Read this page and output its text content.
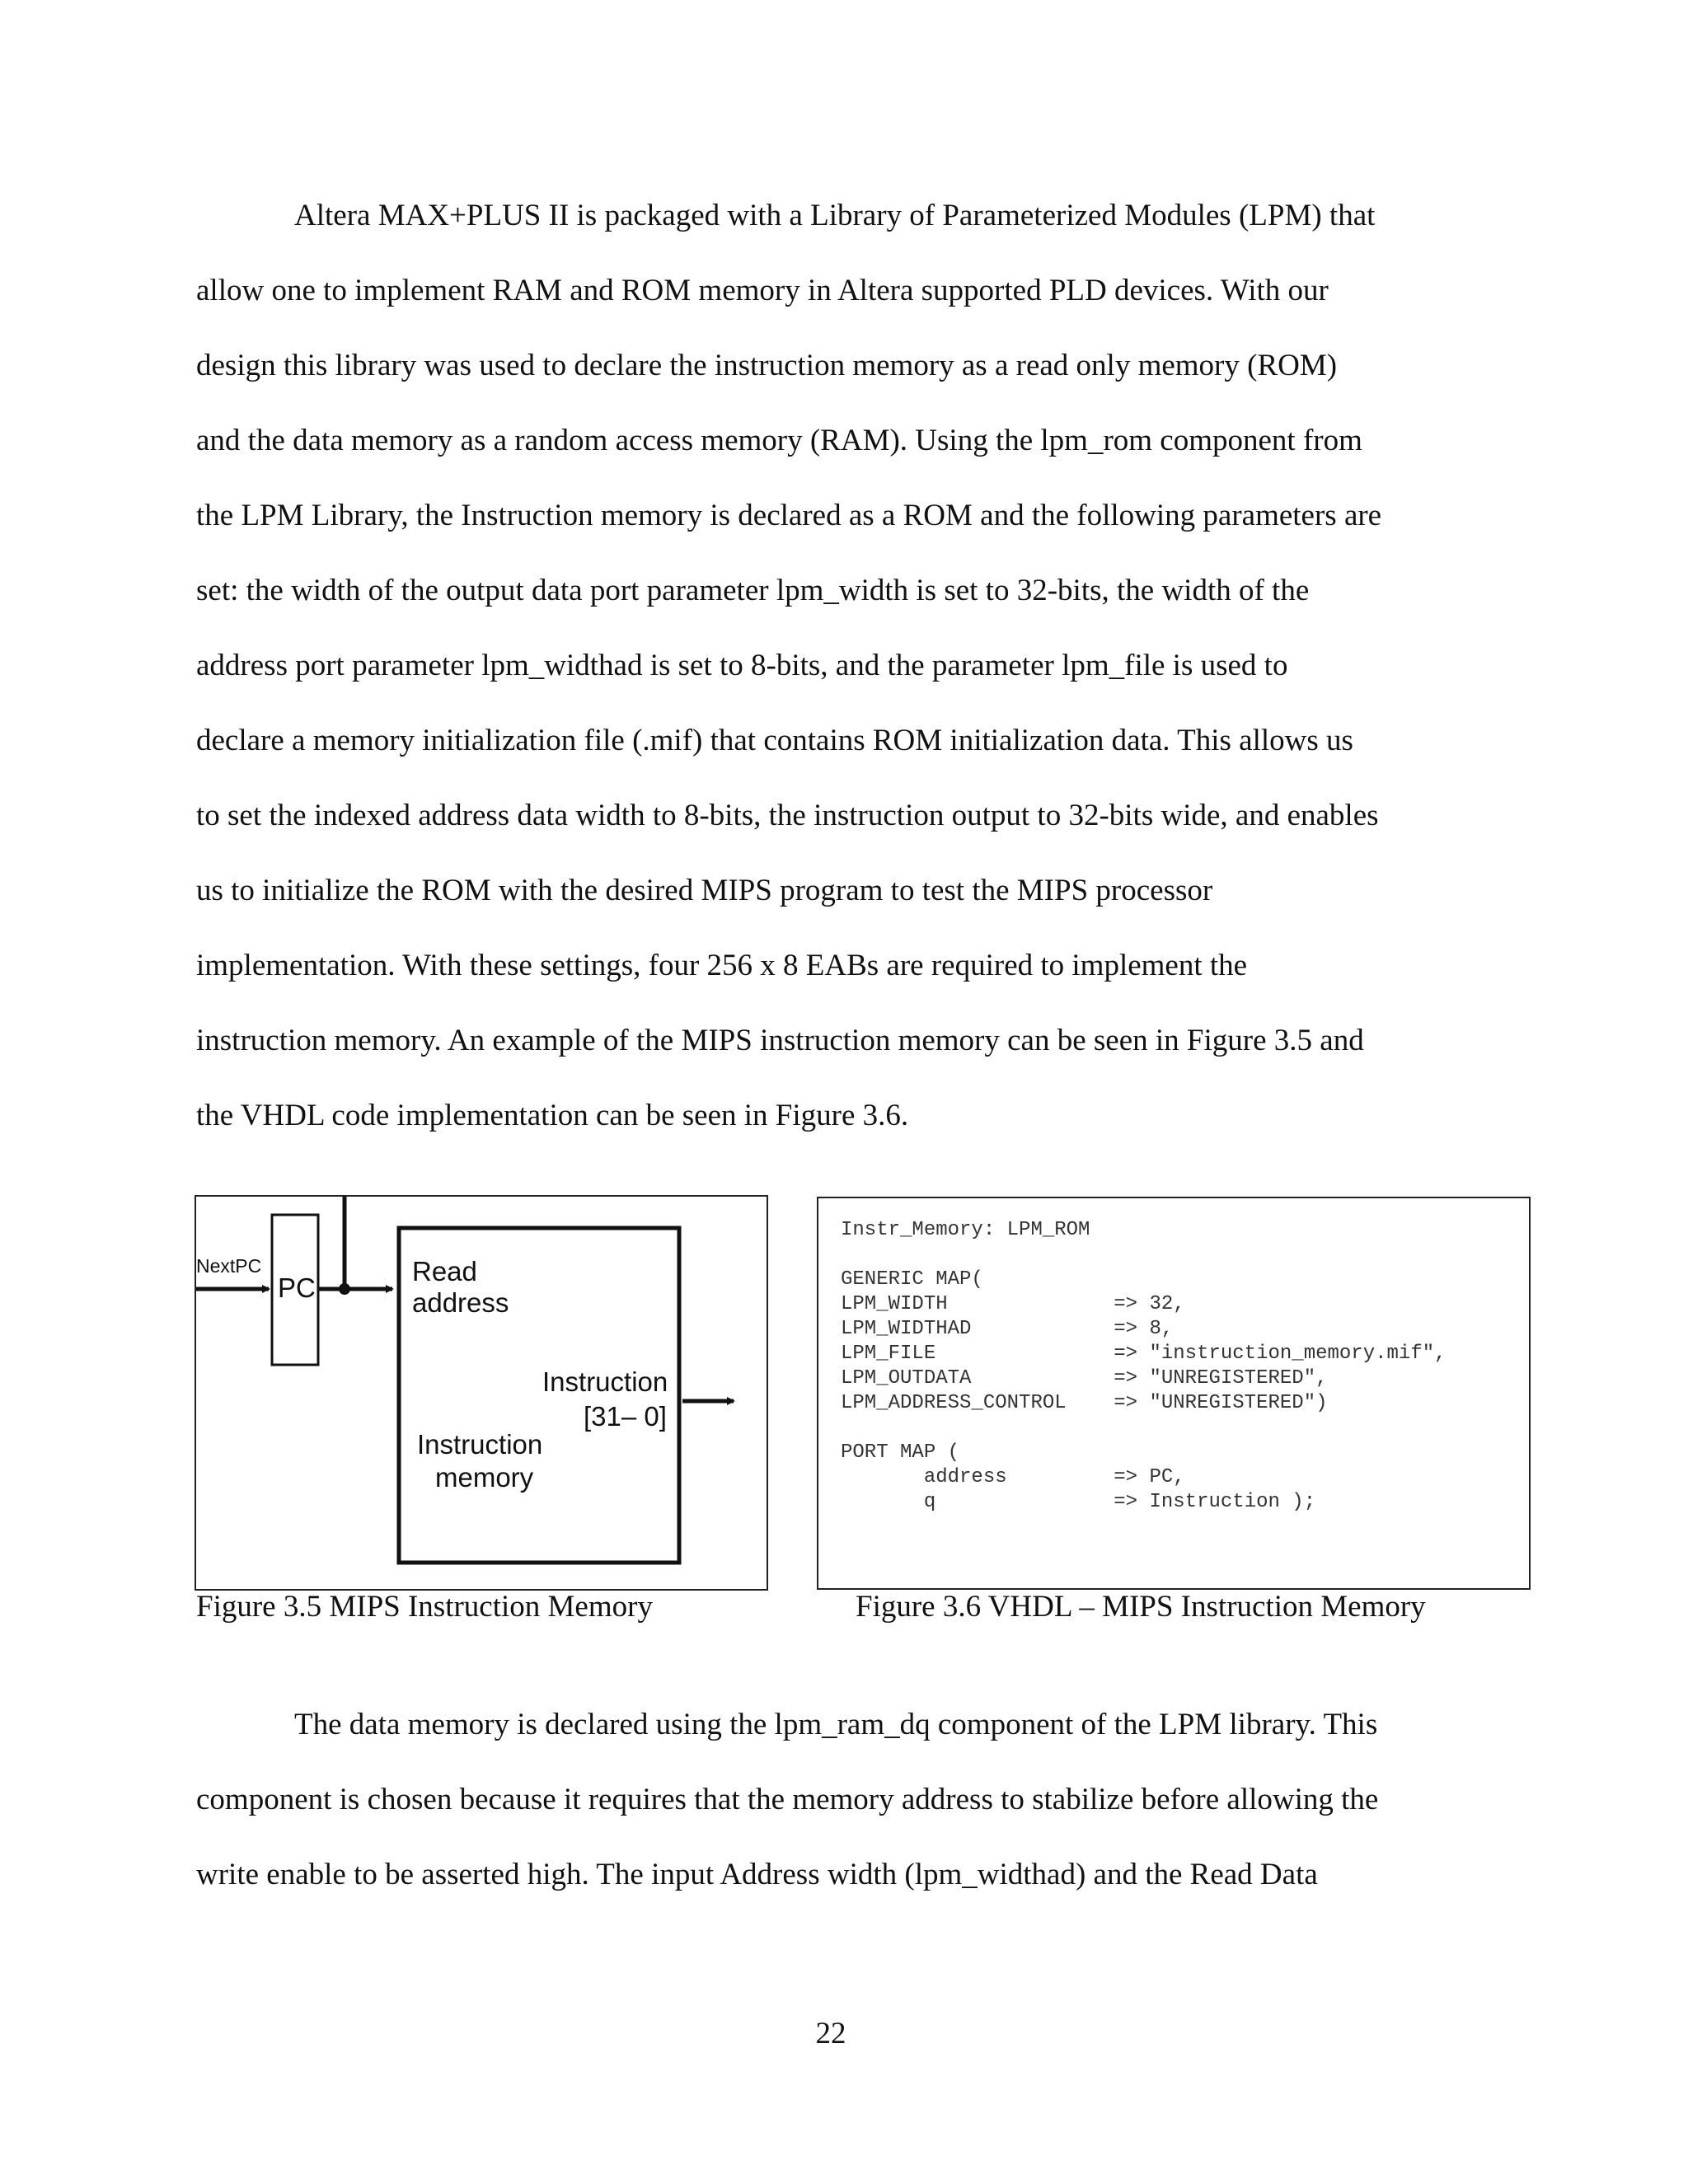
Altera MAX+PLUS II is packaged with a Library of Parameterized Modules (LPM) that
allow one to implement RAM and ROM memory in Altera supported PLD devices. With our
design this library was used to declare the instruction memory as a read only memory (ROM)
and the data memory as a random access memory (RAM). Using the lpm_rom component from
the LPM Library, the Instruction memory is declared as a ROM and the following parameters are
set: the width of the output data port parameter lpm_width is set to 32-bits, the width of the
address port parameter lpm_widthad is set to 8-bits, and the parameter lpm_file is used to
declare a memory initialization file (.mif) that contains ROM initialization data. This allows us
to set the indexed address data width to 8-bits, the instruction output to 32-bits wide, and enables
us to initialize the ROM with the desired MIPS program to test the MIPS processor
implementation. With these settings, four 256 x 8 EABs are required to implement the
instruction memory. An example of the MIPS instruction memory can be seen in Figure 3.5 and
the VHDL code implementation can be seen in Figure 3.6.

NextPC
PC
Read
address
Instruction
[31– 0]
Instruction
memory
Figure 3.5 MIPS Instruction Memory
Instr_Memory: LPM_ROM

GENERIC MAP(
LPM_WIDTH              => 32,
LPM_WIDTHAD            => 8,
LPM_FILE               => "instruction_memory.mif",
LPM_OUTDATA            => "UNREGISTERED",
LPM_ADDRESS_CONTROL    => "UNREGISTERED")

PORT MAP (
address         => PC,
q               => Instruction );
Figure 3.6 VHDL – MIPS Instruction Memory

The data memory is declared using the lpm_ram_dq component of the LPM library. This
component is chosen because it requires that the memory address to stabilize before allowing the
write enable to be asserted high. The input Address width (lpm_widthad) and the Read Data

22
